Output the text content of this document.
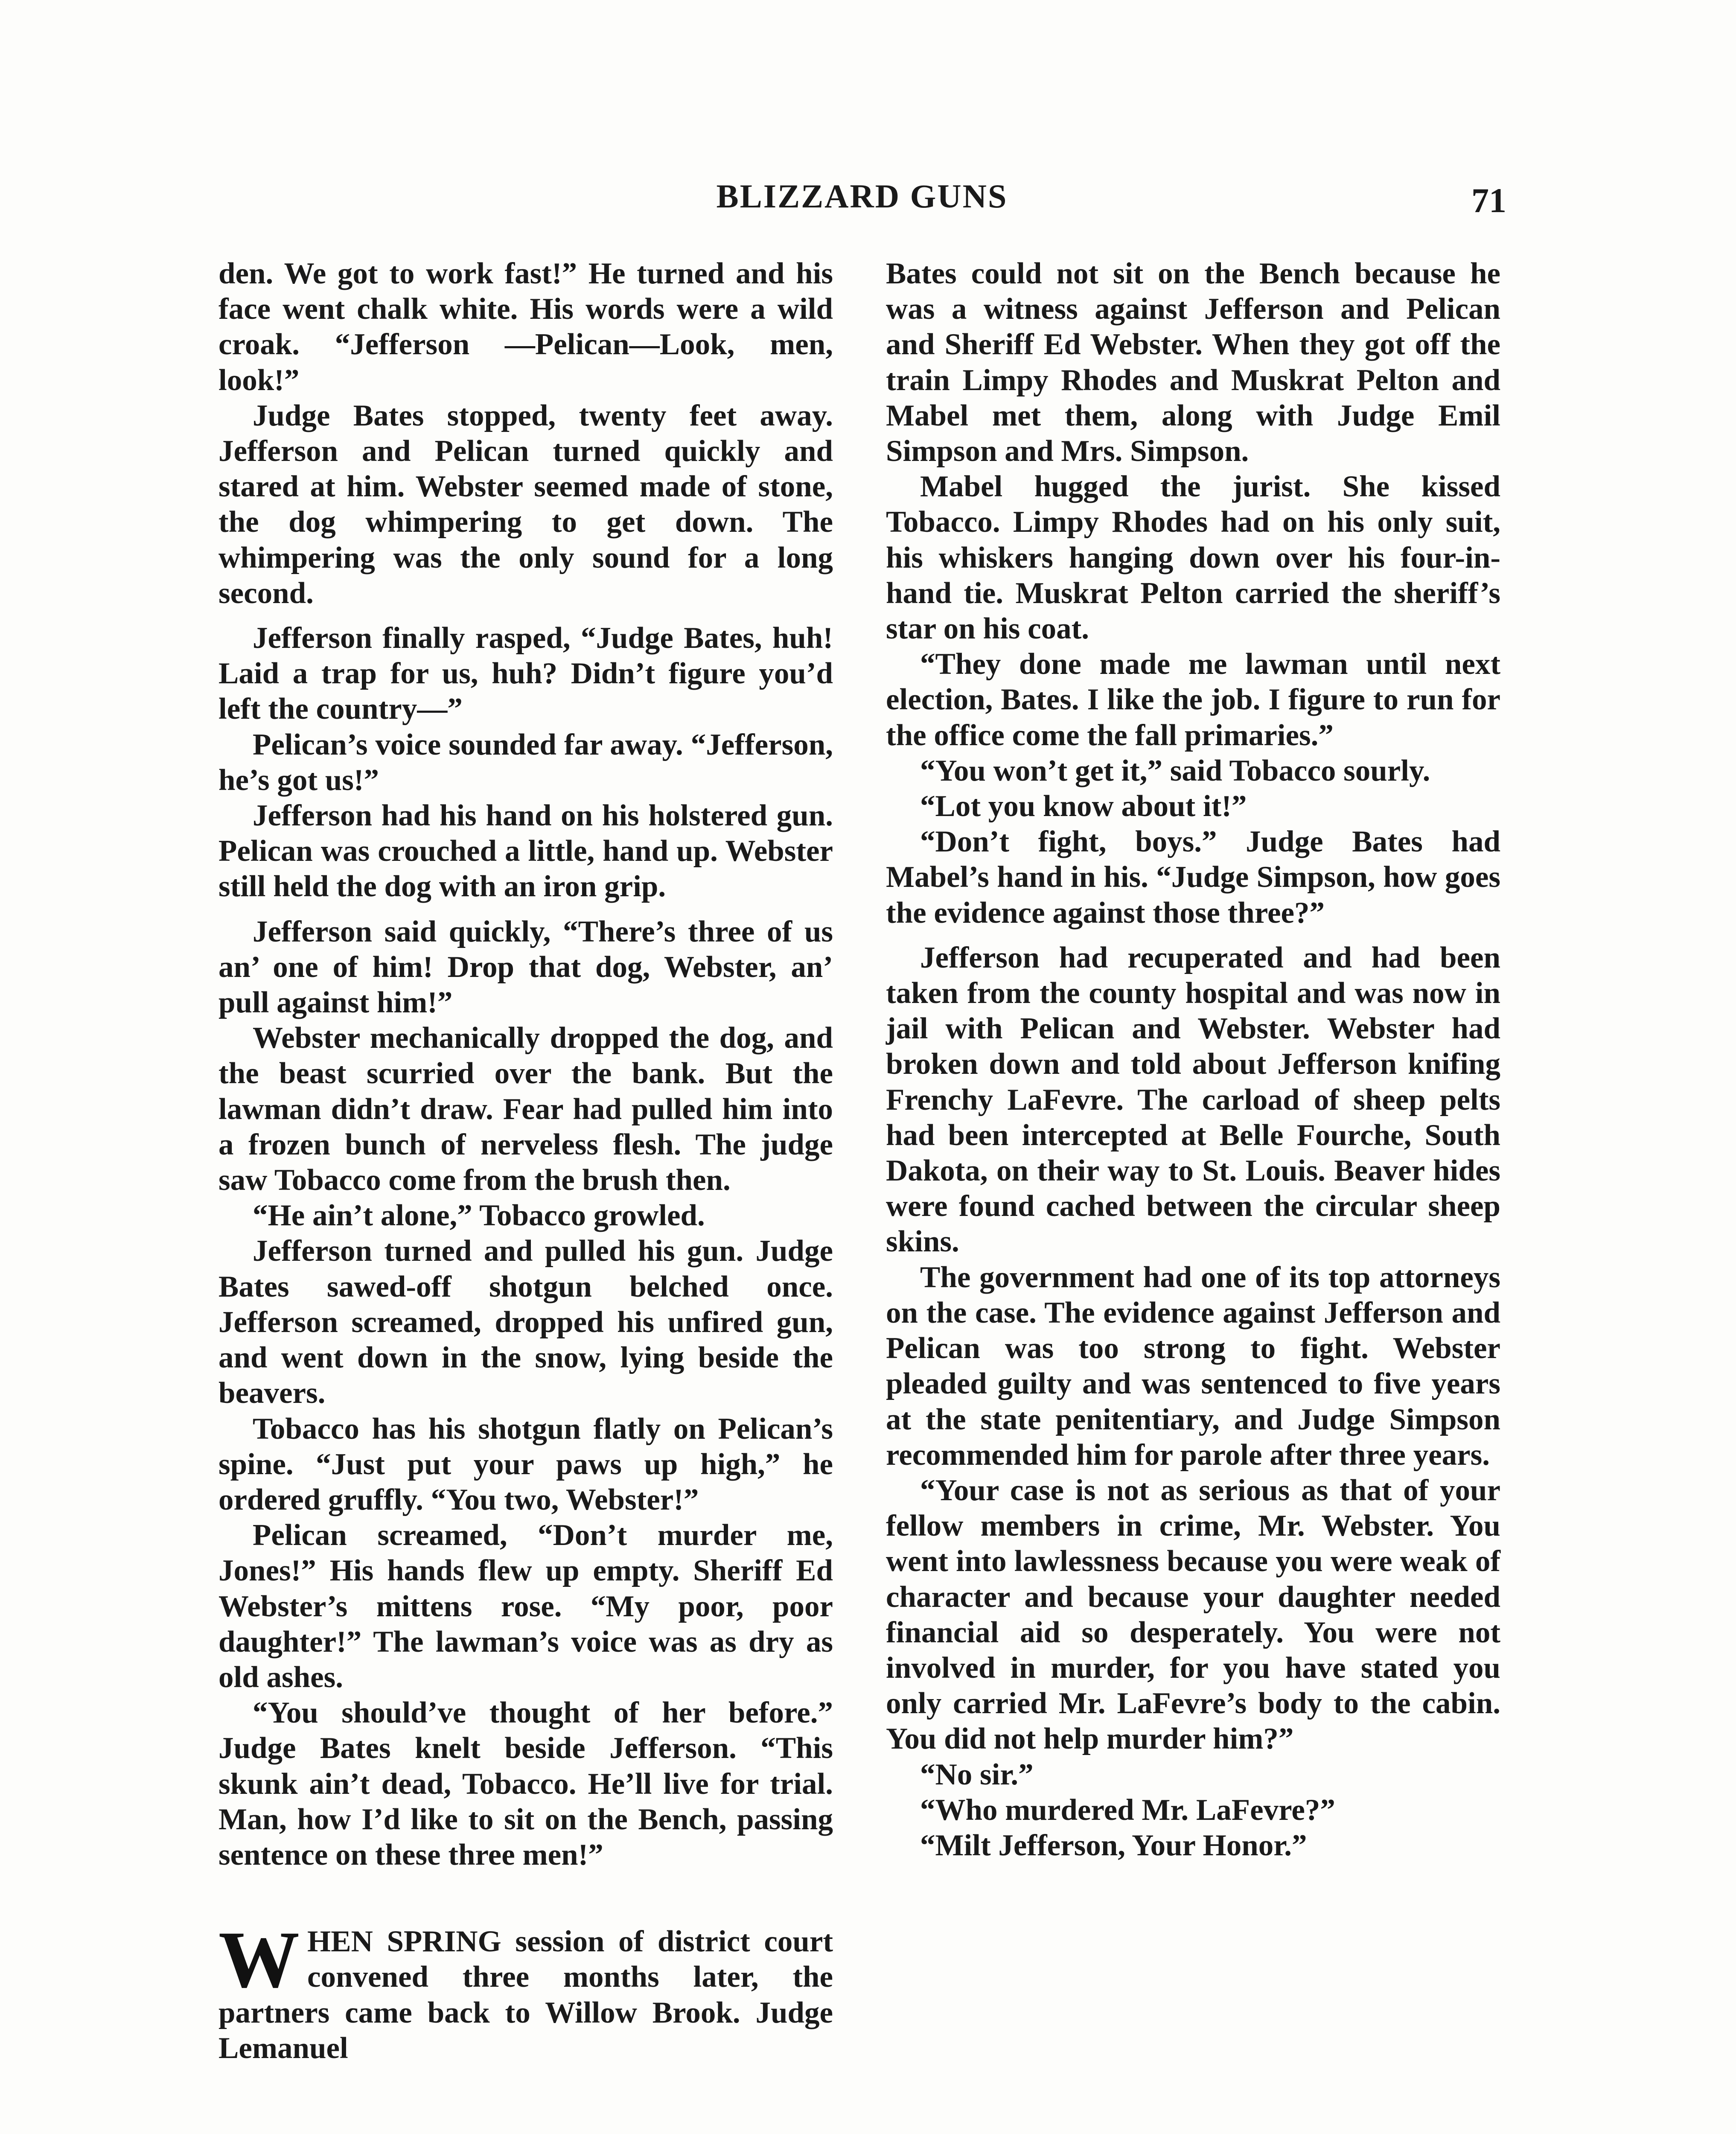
BLIZZARD GUNS	71

den. We got to work fast!” He turned and his face went chalk white. His words were a wild croak. “Jefferson —Pelican—Look, men, look!”

Judge Bates stopped, twenty feet away. Jefferson and Pelican turned quickly and stared at him. Webster seemed made of stone, the dog whimpering to get down. The whimpering was the only sound for a long second.

Jefferson finally rasped, “Judge Bates, huh! Laid a trap for us, huh? Didn’t figure you’d left the country—”

Pelican’s voice sounded far away. “Jefferson, he’s got us!”

Jefferson had his hand on his holstered gun. Pelican was crouched a little, hand up. Webster still held the dog with an iron grip.

Jefferson said quickly, “There’s three of us an’ one of him! Drop that dog, Webster, an’ pull against him!”

Webster mechanically dropped the dog, and the beast scurried over the bank. But the lawman didn’t draw. Fear had pulled him into a frozen bunch of nerveless flesh. The judge saw Tobacco come from the brush then.

“He ain’t alone,” Tobacco growled.

Jefferson turned and pulled his gun. Judge Bates sawed-off shotgun belched once. Jefferson screamed, dropped his unfired gun, and went down in the snow, lying beside the beavers.

Tobacco has his shotgun flatly on Pelican’s spine. “Just put your paws up high,” he ordered gruffly. “You two, Webster!”

Pelican screamed, “Don’t murder me, Jones!” His hands flew up empty. Sheriff Ed Webster’s mittens rose. “My poor, poor daughter!” The lawman’s voice was as dry as old ashes.

“You should’ve thought of her before.” Judge Bates knelt beside Jefferson. “This skunk ain’t dead, Tobacco. He’ll live for trial. Man, how I’d like to sit on the Bench, passing sentence on these three men!”

WHEN SPRING session of district court convened three months later, the partners came back to Willow Brook. Judge Lemanuel

Bates could not sit on the Bench because he was a witness against Jefferson and Pelican and Sheriff Ed Webster. When they got off the train Limpy Rhodes and Muskrat Pelton and Mabel met them, along with Judge Emil Simpson and Mrs. Simpson.

Mabel hugged the jurist. She kissed Tobacco. Limpy Rhodes had on his only suit, his whiskers hanging down over his four-in-hand tie. Muskrat Pelton carried the sheriff’s star on his coat.

“They done made me lawman until next election, Bates. I like the job. I figure to run for the office come the fall primaries.”

“You won’t get it,” said Tobacco sourly.

“Lot you know about it!”

“Don’t fight, boys.” Judge Bates had Mabel’s hand in his. “Judge Simpson, how goes the evidence against those three?”

Jefferson had recuperated and had been taken from the county hospital and was now in jail with Pelican and Webster. Webster had broken down and told about Jefferson knifing Frenchy LaFevre. The carload of sheep pelts had been intercepted at Belle Fourche, South Dakota, on their way to St. Louis. Beaver hides were found cached between the circular sheep skins.

The government had one of its top attorneys on the case. The evidence against Jefferson and Pelican was too strong to fight. Webster pleaded guilty and was sentenced to five years at the state penitentiary, and Judge Simpson recommended him for parole after three years.

“Your case is not as serious as that of your fellow members in crime, Mr. Webster. You went into lawlessness because you were weak of character and because your daughter needed financial aid so desperately. You were not involved in murder, for you have stated you only carried Mr. LaFevre’s body to the cabin. You did not help murder him?”

“No sir.”

“Who murdered Mr. LaFevre?”

“Milt Jefferson, Your Honor.”
